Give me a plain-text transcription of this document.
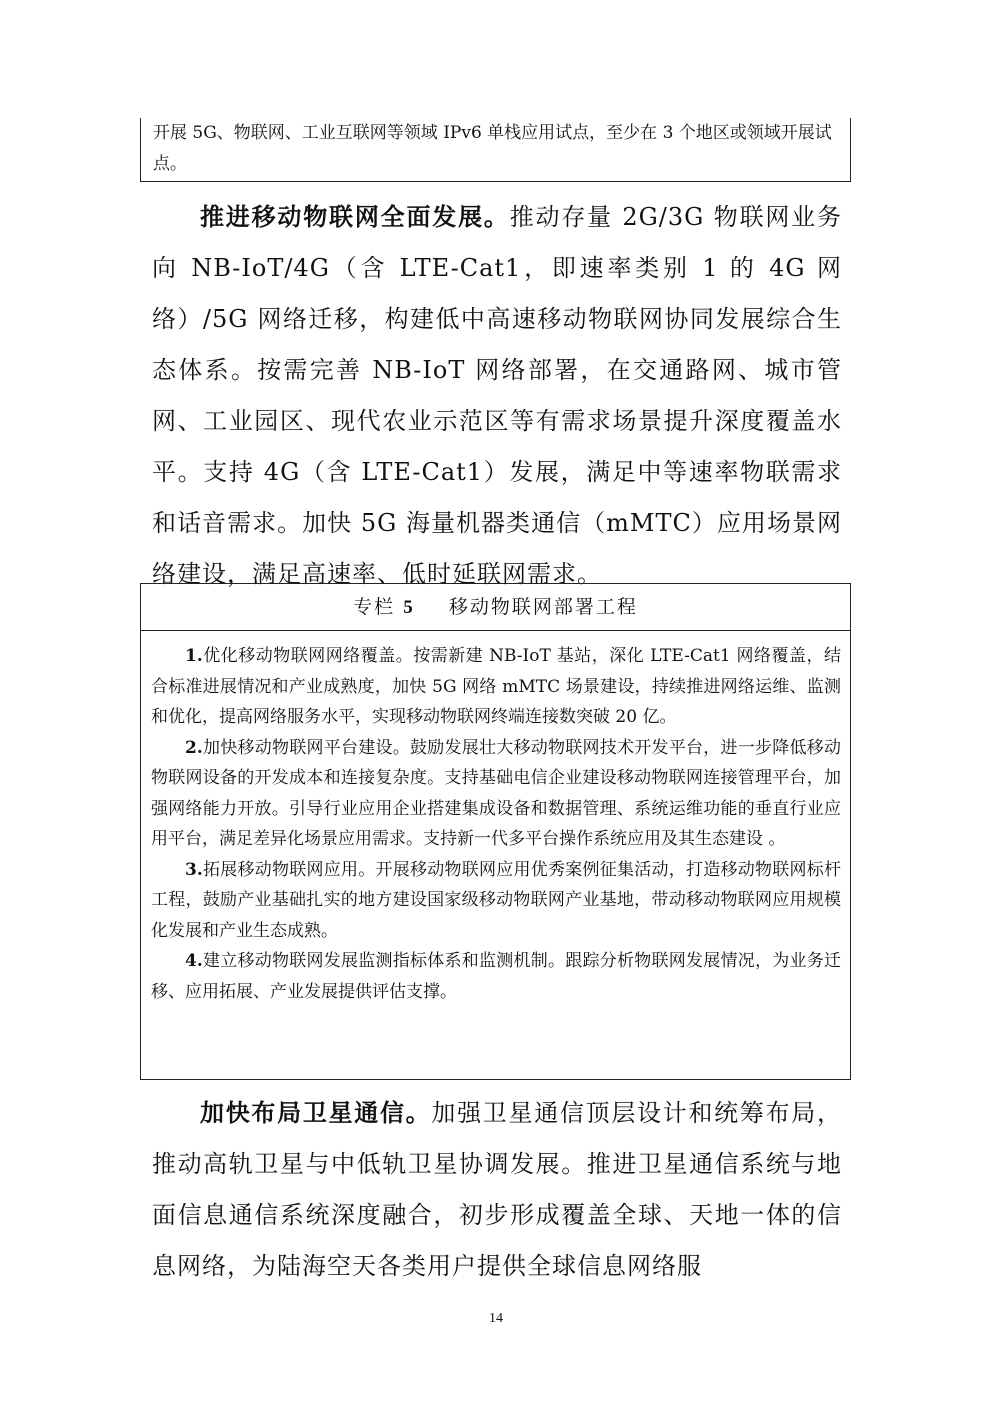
开展 5G、物联网、工业互联网等领域 IPv6 单栈应用试点，至少在 3 个地区或领域开展试点。

推进移动物联网全面发展。推动存量 2G/3G 物联网业务向 NB-IoT/4G（含 LTE-Cat1，即速率类别 1 的 4G 网络）/5G 网络迁移，构建低中高速移动物联网协同发展综合生态体系。按需完善 NB-IoT 网络部署，在交通路网、城市管网、工业园区、现代农业示范区等有需求场景提升深度覆盖水平。支持 4G（含 LTE-Cat1）发展，满足中等速率物联需求和话音需求。加快 5G 海量机器类通信（mMTC）应用场景网络建设，满足高速率、低时延联网需求。

专栏 5 移动物联网部署工程

1.优化移动物联网网络覆盖。按需新建 NB-IoT 基站，深化 LTE-Cat1 网络覆盖，结合标准进展情况和产业成熟度，加快 5G 网络 mMTC 场景建设，持续推进网络运维、监测和优化，提高网络服务水平，实现移动物联网终端连接数突破 20 亿。

2.加快移动物联网平台建设。鼓励发展壮大移动物联网技术开发平台，进一步降低移动物联网设备的开发成本和连接复杂度。支持基础电信企业建设移动物联网连接管理平台，加强网络能力开放。引导行业应用企业搭建集成设备和数据管理、系统运维功能的垂直行业应用平台，满足差异化场景应用需求。支持新一代多平台操作系统应用及其生态建设 。

3.拓展移动物联网应用。开展移动物联网应用优秀案例征集活动，打造移动物联网标杆工程，鼓励产业基础扎实的地方建设国家级移动物联网产业基地，带动移动物联网应用规模化发展和产业生态成熟。

4.建立移动物联网发展监测指标体系和监测机制。跟踪分析物联网发展情况，为业务迁移、应用拓展、产业发展提供评估支撑。

加快布局卫星通信。加强卫星通信顶层设计和统筹布局，推动高轨卫星与中低轨卫星协调发展。推进卫星通信系统与地面信息通信系统深度融合，初步形成覆盖全球、天地一体的信息网络，为陆海空天各类用户提供全球信息网络服

14
